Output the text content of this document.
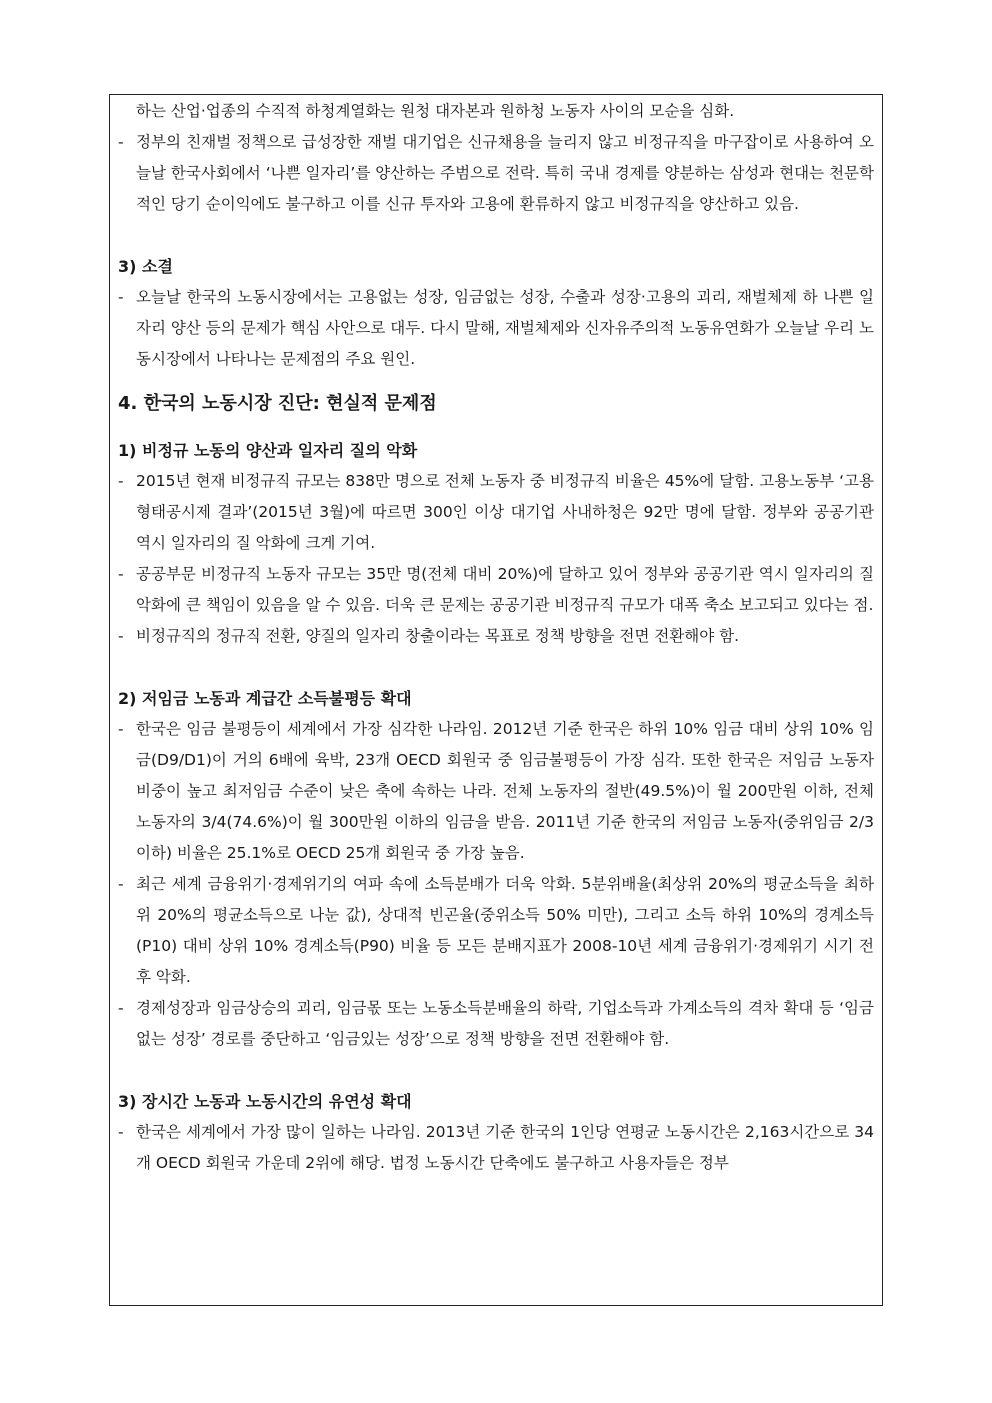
하는 산업·업종의 수직적 하청계열화는 원청 대자본과 원하청 노동자 사이의 모순을 심화.
- 정부의 친재벌 정책으로 급성장한 재벌 대기업은 신규채용을 늘리지 않고 비정규직을 마구잡이로 사용하여 오늘날 한국사회에서 ‘나쁜 일자리’를 양산하는 주범으로 전락. 특히 국내 경제를 양분하는 삼성과 현대는 천문학적인 당기 순이익에도 불구하고 이를 신규 투자와 고용에 환류하지 않고 비정규직을 양산하고 있음.
3) 소결
- 오늘날 한국의 노동시장에서는 고용없는 성장, 임금없는 성장, 수출과 성장·고용의 괴리, 재벌체제 하 나쁜 일자리 양산 등의 문제가 핵심 사안으로 대두. 다시 말해, 재벌체제와 신자유주의적 노동유연화가 오늘날 우리 노동시장에서 나타나는 문제점의 주요 원인.
4. 한국의 노동시장 진단: 현실적 문제점
1) 비정규 노동의 양산과 일자리 질의 악화
- 2015년 현재 비정규직 규모는 838만 명으로 전체 노동자 중 비정규직 비율은 45%에 달함. 고용노동부 ‘고용형태공시제 결과’(2015년 3월)에 따르면 300인 이상 대기업 사내하청은 92만 명에 달함. 정부와 공공기관 역시 일자리의 질 악화에 크게 기여.
- 공공부문 비정규직 노동자 규모는 35만 명(전체 대비 20%)에 달하고 있어 정부와 공공기관 역시 일자리의 질 악화에 큰 책임이 있음을 알 수 있음. 더욱 큰 문제는 공공기관 비정규직 규모가 대폭 축소 보고되고 있다는 점.
- 비정규직의 정규직 전환, 양질의 일자리 창출이라는 목표로 정책 방향을 전면 전환해야 함.
2) 저임금 노동과 계급간 소득불평등 확대
- 한국은 임금 불평등이 세계에서 가장 심각한 나라임. 2012년 기준 한국은 하위 10% 임금 대비 상위 10% 임금(D9/D1)이 거의 6배에 육박, 23개 OECD 회원국 중 임금불평등이 가장 심각. 또한 한국은 저임금 노동자 비중이 높고 최저임금 수준이 낮은 축에 속하는 나라. 전체 노동자의 절반(49.5%)이 월 200만원 이하, 전체 노동자의 3/4(74.6%)이 월 300만원 이하의 임금을 받음. 2011년 기준 한국의 저임금 노동자(중위임금 2/3이하) 비율은 25.1%로 OECD 25개 회원국 중 가장 높음.
- 최근 세계 금융위기·경제위기의 여파 속에 소득분배가 더욱 악화. 5분위배율(최상위 20%의 평균소득을 최하위 20%의 평균소득으로 나눈 값), 상대적 빈곤율(중위소득 50% 미만), 그리고 소득 하위 10%의 경계소득(P10) 대비 상위 10% 경계소득(P90) 비율 등 모든 분배지표가 2008-10년 세계 금융위기·경제위기 시기 전후 악화.
- 경제성장과 임금상승의 괴리, 임금몫 또는 노동소득분배율의 하락, 기업소득과 가계소득의 격차 확대 등 ‘임금없는 성장’ 경로를 중단하고 ‘임금있는 성장’으로 정책 방향을 전면 전환해야 함.
3) 장시간 노동과 노동시간의 유연성 확대
- 한국은 세계에서 가장 많이 일하는 나라임. 2013년 기준 한국의 1인당 연평균 노동시간은 2,163시간으로 34개 OECD 회원국 가운데 2위에 해당. 법정 노동시간 단축에도 불구하고 사용자들은 정부
